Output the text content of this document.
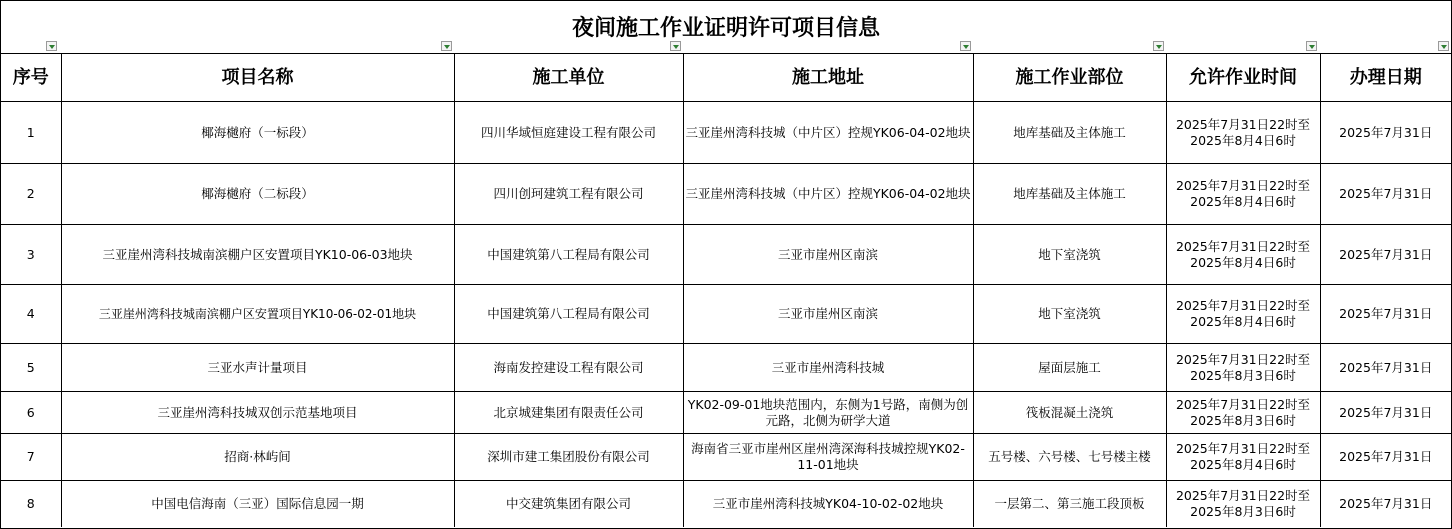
夜间施工作业证明许可项目信息
序号	项目名称	施工单位	施工地址	施工作业部位	允许作业时间	办理日期
1	椰海樾府（一标段）	四川华域恒庭建设工程有限公司	三亚崖州湾科技城（中片区）控规YK06-04-02地块	地库基础及主体施工	2025年7月31日22时至2025年8月4日6时	2025年7月31日
2	椰海樾府（二标段）	四川创珂建筑工程有限公司	三亚崖州湾科技城（中片区）控规YK06-04-02地块	地库基础及主体施工	2025年7月31日22时至2025年8月4日6时	2025年7月31日
3	三亚崖州湾科技城南滨棚户区安置项目YK10-06-03地块	中国建筑第八工程局有限公司	三亚市崖州区南滨	地下室浇筑	2025年7月31日22时至2025年8月4日6时	2025年7月31日
4	三亚崖州湾科技城南滨棚户区安置项目YK10-06-02-01地块	中国建筑第八工程局有限公司	三亚市崖州区南滨	地下室浇筑	2025年7月31日22时至2025年8月4日6时	2025年7月31日
5	三亚水声计量项目	海南发控建设工程有限公司	三亚市崖州湾科技城	屋面层施工	2025年7月31日22时至2025年8月3日6时	2025年7月31日
6	三亚崖州湾科技城双创示范基地项目	北京城建集团有限责任公司	YK02-09-01地块范围内，东侧为1号路，南侧为创元路，北侧为研学大道	筏板混凝土浇筑	2025年7月31日22时至2025年8月3日6时	2025年7月31日
7	招商·林屿间	深圳市建工集团股份有限公司	海南省三亚市崖州区崖州湾深海科技城控规YK02-11-01地块	五号楼、六号楼、七号楼主楼	2025年7月31日22时至2025年8月4日6时	2025年7月31日
8	中国电信海南（三亚）国际信息园一期	中交建筑集团有限公司	三亚市崖州湾科技城YK04-10-02-02地块	一层第二、第三施工段顶板	2025年7月31日22时至2025年8月3日6时	2025年7月31日
